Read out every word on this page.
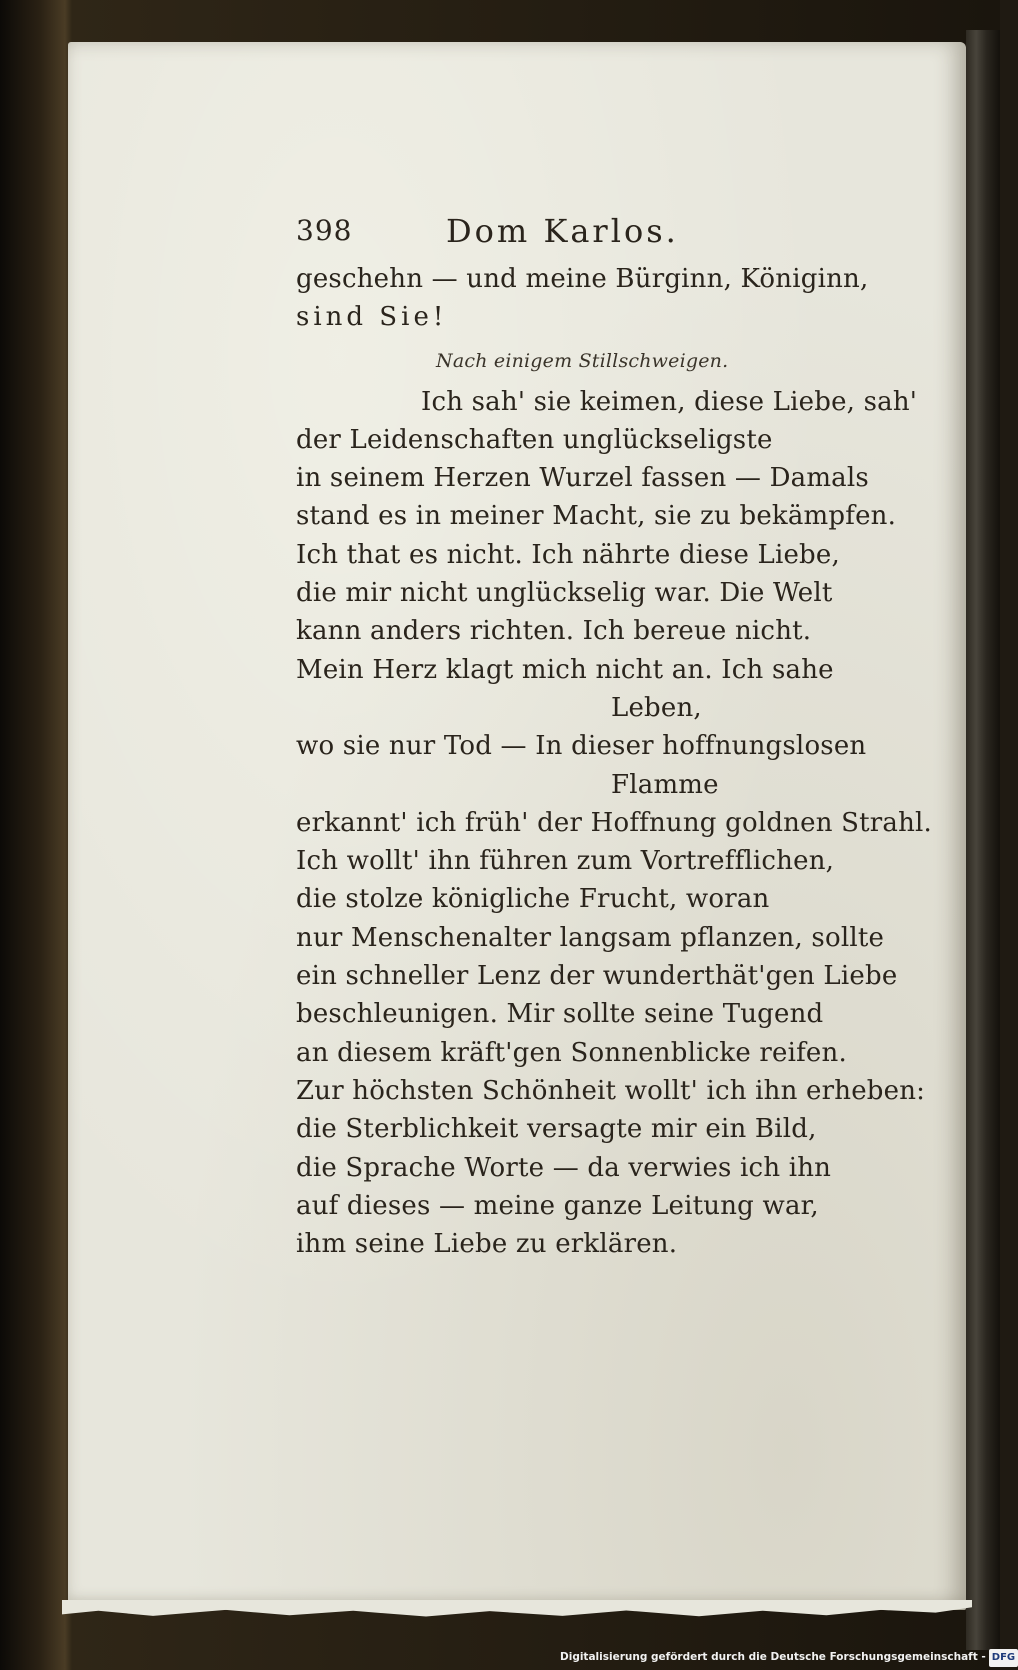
398	Dom Karlos.
geschehn — und meine Bürginn, Königinn,
sind Sie!
Nach einigem Stillschweigen.
Ich sah' sie keimen, diese Liebe, sah'
der Leidenschaften unglückseligste
in seinem Herzen Wurzel fassen — Damals
stand es in meiner Macht, sie zu bekämpfen.
Ich that es nicht. Ich nährte diese Liebe,
die mir nicht unglückselig war. Die Welt
kann anders richten. Ich bereue nicht.
Mein Herz klagt mich nicht an. Ich sahe
Leben,
wo sie nur Tod — In dieser hoffnungslosen
Flamme
erkannt' ich früh' der Hoffnung goldnen Strahl.
Ich wollt' ihn führen zum Vortrefflichen,
die stolze königliche Frucht, woran
nur Menschenalter langsam pflanzen, sollte
ein schneller Lenz der wunderthät'gen Liebe
beschleunigen. Mir sollte seine Tugend
an diesem kräft'gen Sonnenblicke reifen.
Zur höchsten Schönheit wollt' ich ihn erheben:
die Sterblichkeit versagte mir ein Bild,
die Sprache Worte — da verwies ich ihn
auf dieses — meine ganze Leitung war,
ihm seine Liebe zu erklären.
Digitalisierung gefördert durch die Deutsche Forschungsgemeinschaft - DFG
